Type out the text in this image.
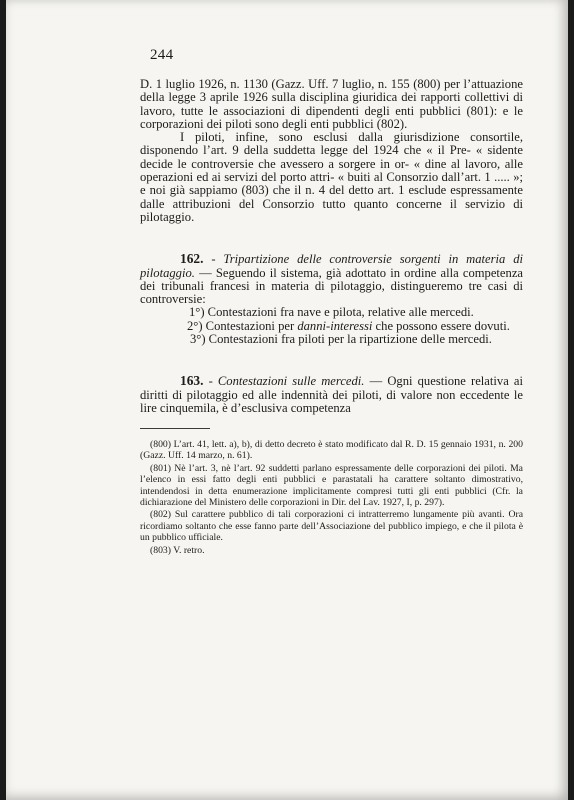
244

D. 1 luglio 1926, n. 1130 (Gazz. Uff. 7 luglio, n. 155 (800) per l’attuazione della legge 3 aprile 1926 sulla disciplina giuridica dei rapporti collettivi di lavoro, tutte le associazioni di dipendenti degli enti pubblici (801): e le corporazioni dei piloti sono degli enti pubblici (802).

I piloti, infine, sono esclusi dalla giurisdizione consortile, disponendo l’art. 9 della suddetta legge del 1924 che « il Pre- « sidente decide le controversie che avessero a sorgere in or- « dine al lavoro, alle operazioni ed ai servizi del porto attri- « buiti al Consorzio dall’art. 1 ..... »; e noi già sappiamo (803) che il n. 4 del detto art. 1 esclude espressamente dalle attribuzioni del Consorzio tutto quanto concerne il servizio di pilotaggio.

162. - Tripartizione delle controversie sorgenti in materia di pilotaggio. — Seguendo il sistema, già adottato in ordine alla competenza dei tribunali francesi in materia di pilotaggio, distingueremo tre casi di controversie:

1°) Contestazioni fra nave e pilota, relative alle mercedi.

2°) Contestazioni per danni-interessi che possono essere dovuti.

3°) Contestazioni fra piloti per la ripartizione delle mercedi.

163. - Contestazioni sulle mercedi. — Ogni questione relativa ai diritti di pilotaggio ed alle indennità dei piloti, di valore non eccedente le lire cinquemila, è d’esclusiva competenza

(800) L’art. 41, lett. a), b), di detto decreto è stato modificato dal R. D. 15 gennaio 1931, n. 200 (Gazz. Uff. 14 marzo, n. 61).

(801) Nè l’art. 3, nè l’art. 92 suddetti parlano espressamente delle corporazioni dei piloti. Ma l’elenco in essi fatto degli enti pubblici e parastatali ha carattere soltanto dimostrativo, intendendosi in detta enumerazione implicitamente compresi tutti gli enti pubblici (Cfr. la dichiarazione del Ministero delle corporazioni in Dir. del Lav. 1927, I, p. 297).

(802) Sul carattere pubblico di tali corporazioni ci intratterremo lungamente più avanti. Ora ricordiamo soltanto che esse fanno parte dell’Associazione del pubblico impiego, e che il pilota è un pubblico ufficiale.

(803) V. retro.
